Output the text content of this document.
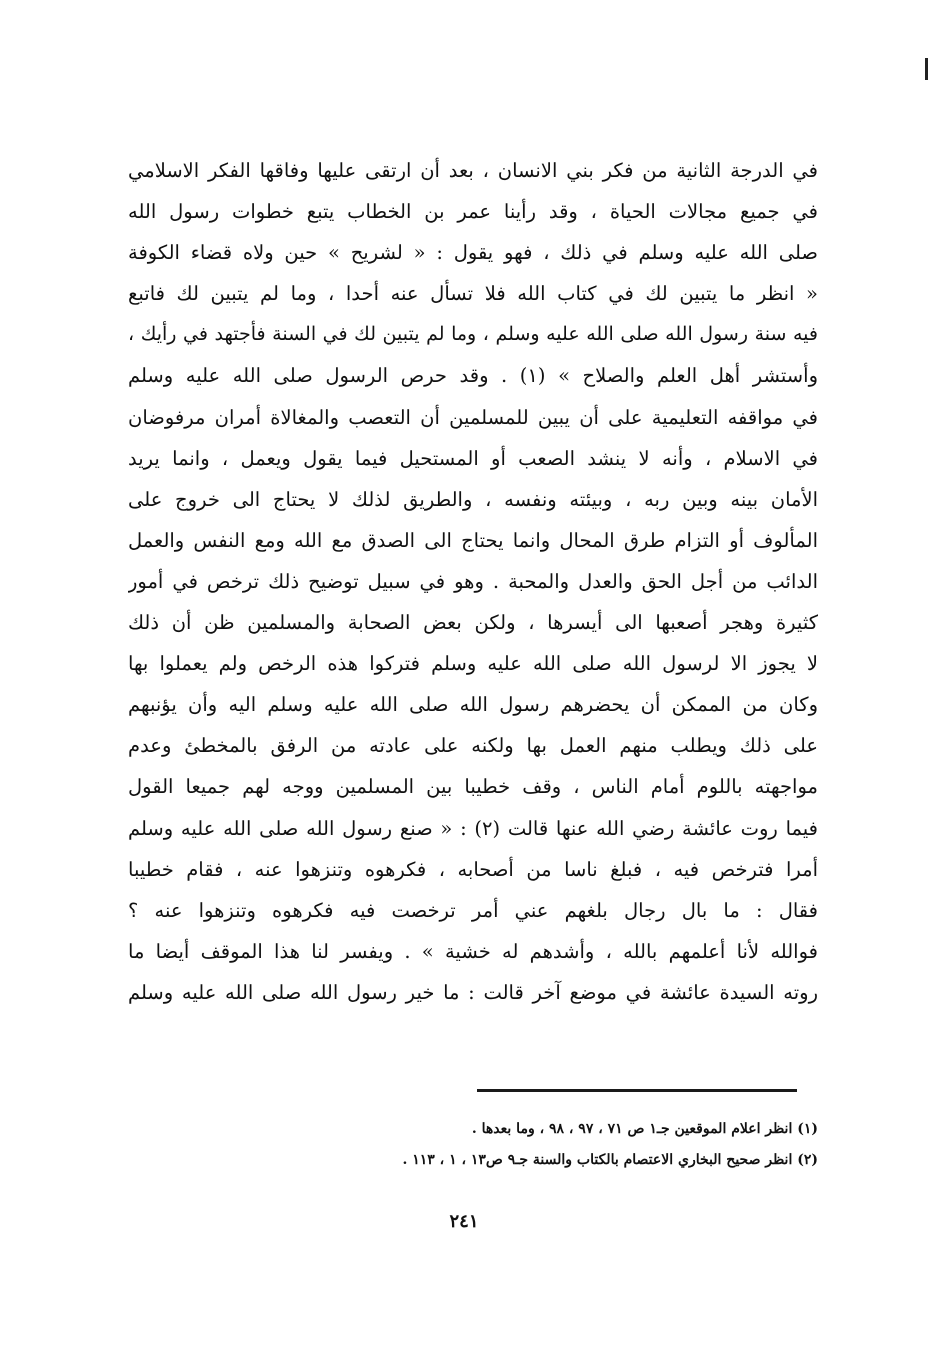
في الدرجة الثانية من فكر بني الانسان ، بعد أن ارتقى عليها وفاقها الفكر الاسلامي
في جميع مجالات الحياة ، وقد رأينا عمر بن الخطاب يتبع خطوات رسول الله
صلى الله عليه وسلم في ذلك ، فهو يقول : « لشريح » حين ولاه قضاء الكوفة
« انظر ما يتبين لك في كتاب الله فلا تسأل عنه أحدا ، وما لم يتبين لك فاتبع
فيه سنة رسول الله صلى الله عليه وسلم ، وما لم يتبين لك في السنة فأجتهد في رأيك ،
وأستشر أهل العلم والصلاح » (١) . وقد حرص الرسول صلى الله عليه وسلم
في مواقفه التعليمية على أن يبين للمسلمين أن التعصب والمغالاة أمران مرفوضان
في الاسلام ، وأنه لا ينشد الصعب أو المستحيل فيما يقول ويعمل ، وانما يريد
الأمان بينه وبين ربه ، وبيئته ونفسه ، والطريق لذلك لا يحتاج الى خروج على
المألوف أو التزام طرق المحال وانما يحتاج الى الصدق مع الله ومع النفس والعمل
الدائب من أجل الحق والعدل والمحبة . وهو في سبيل توضيح ذلك ترخص في أمور
كثيرة وهجر أصعبها الى أيسرها ، ولكن بعض الصحابة والمسلمين ظن أن ذلك
لا يجوز الا لرسول الله صلى الله عليه وسلم فتركوا هذه الرخص ولم يعملوا بها
وكان من الممكن أن يحضرهم رسول الله صلى الله عليه وسلم اليه وأن يؤنبهم
على ذلك ويطلب منهم العمل بها ولكنه على عادته من الرفق بالمخطئ وعدم
مواجهته باللوم أمام الناس ، وقف خطيبا بين المسلمين ووجه لهم جميعا القول
فيما روت عائشة رضي الله عنها قالت (٢) : « صنع رسول الله صلى الله عليه وسلم
أمرا فترخص فيه ، فبلغ ناسا من أصحابه ، فكرهوه وتنزهوا عنه ، فقام خطيبا
فقال : ما بال رجال بلغهم عني أمر ترخصت فيه فكرهوه وتنزهوا عنه ؟
فوالله لأنا أعلمهم بالله ، وأشدهم له خشية » . ويفسر لنا هذا الموقف أيضا ما
روته السيدة عائشة في موضع آخر قالت : ما خير رسول الله صلى الله عليه وسلم
(١) انظر اعلام الموقعين جـ١ ص ٧١ ، ٩٧ ، ٩٨ ، وما بعدها .
(٢) انظر صحيح البخاري الاعتصام بالكتاب والسنة جـ٩ ص١٣ ، ١ ، ١١٣ .
٢٤١
